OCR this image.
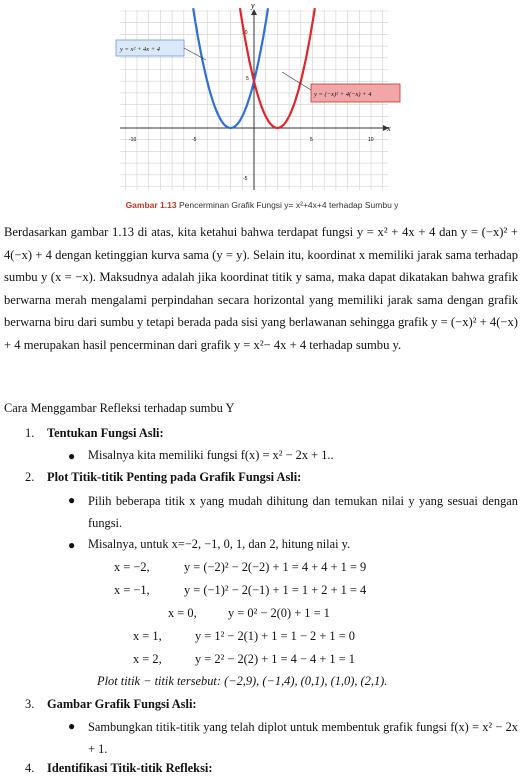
y
x
10
5
-5
-10	-5	5	10
y = x² + 4x + 4
y = (−x)² + 4(−x) + 4
Gambar 1.13 Pencerminan Grafik Fungsi y= x²+4x+4 terhadap Sumbu y
Berdasarkan gambar 1.13 di atas, kita ketahui bahwa terdapat fungsi y = x² + 4x + 4 dan y = (−x)² + 4(−x) + 4 dengan ketinggian kurva sama (y = y). Selain itu, koordinat x memiliki jarak sama terhadap sumbu y (x = −x). Maksudnya adalah jika koordinat titik y sama, maka dapat dikatakan bahwa grafik berwarna merah mengalami perpindahan secara horizontal yang memiliki jarak sama dengan grafik berwarna biru dari sumbu y tetapi berada pada sisi yang berlawanan sehingga grafik y = (−x)² + 4(−x) + 4 merupakan hasil pencerminan dari grafik y = x²− 4x + 4 terhadap sumbu y.
Cara Menggambar Refleksi terhadap sumbu Y
1. Tentukan Fungsi Asli:
● Misalnya kita memiliki fungsi f(x) = x² − 2x + 1..
2. Plot Titik-titik Penting pada Grafik Fungsi Asli:
● Pilih beberapa titik x yang mudah dihitung dan temukan nilai y yang sesuai dengan fungsi.
● Misalnya, untuk x=−2, −1, 0, 1, dan 2, hitung nilai y.
x = −2,	y = (−2)² − 2(−2) + 1 = 4 + 4 + 1 = 9
x = −1,	y = (−1)² − 2(−1) + 1 = 1 + 2 + 1 = 4
x = 0,	y = 0² − 2(0) + 1 = 1
x = 1,	y = 1² − 2(1) + 1 = 1 − 2 + 1 = 0
x = 2,	y = 2² − 2(2) + 1 = 4 − 4 + 1 = 1
Plot titik − titik tersebut: (−2,9), (−1,4), (0,1), (1,0), (2,1).
3. Gambar Grafik Fungsi Asli:
● Sambungkan titik-titik yang telah diplot untuk membentuk grafik fungsi f(x) = x² − 2x + 1.
4. Identifikasi Titik-titik Refleksi:
